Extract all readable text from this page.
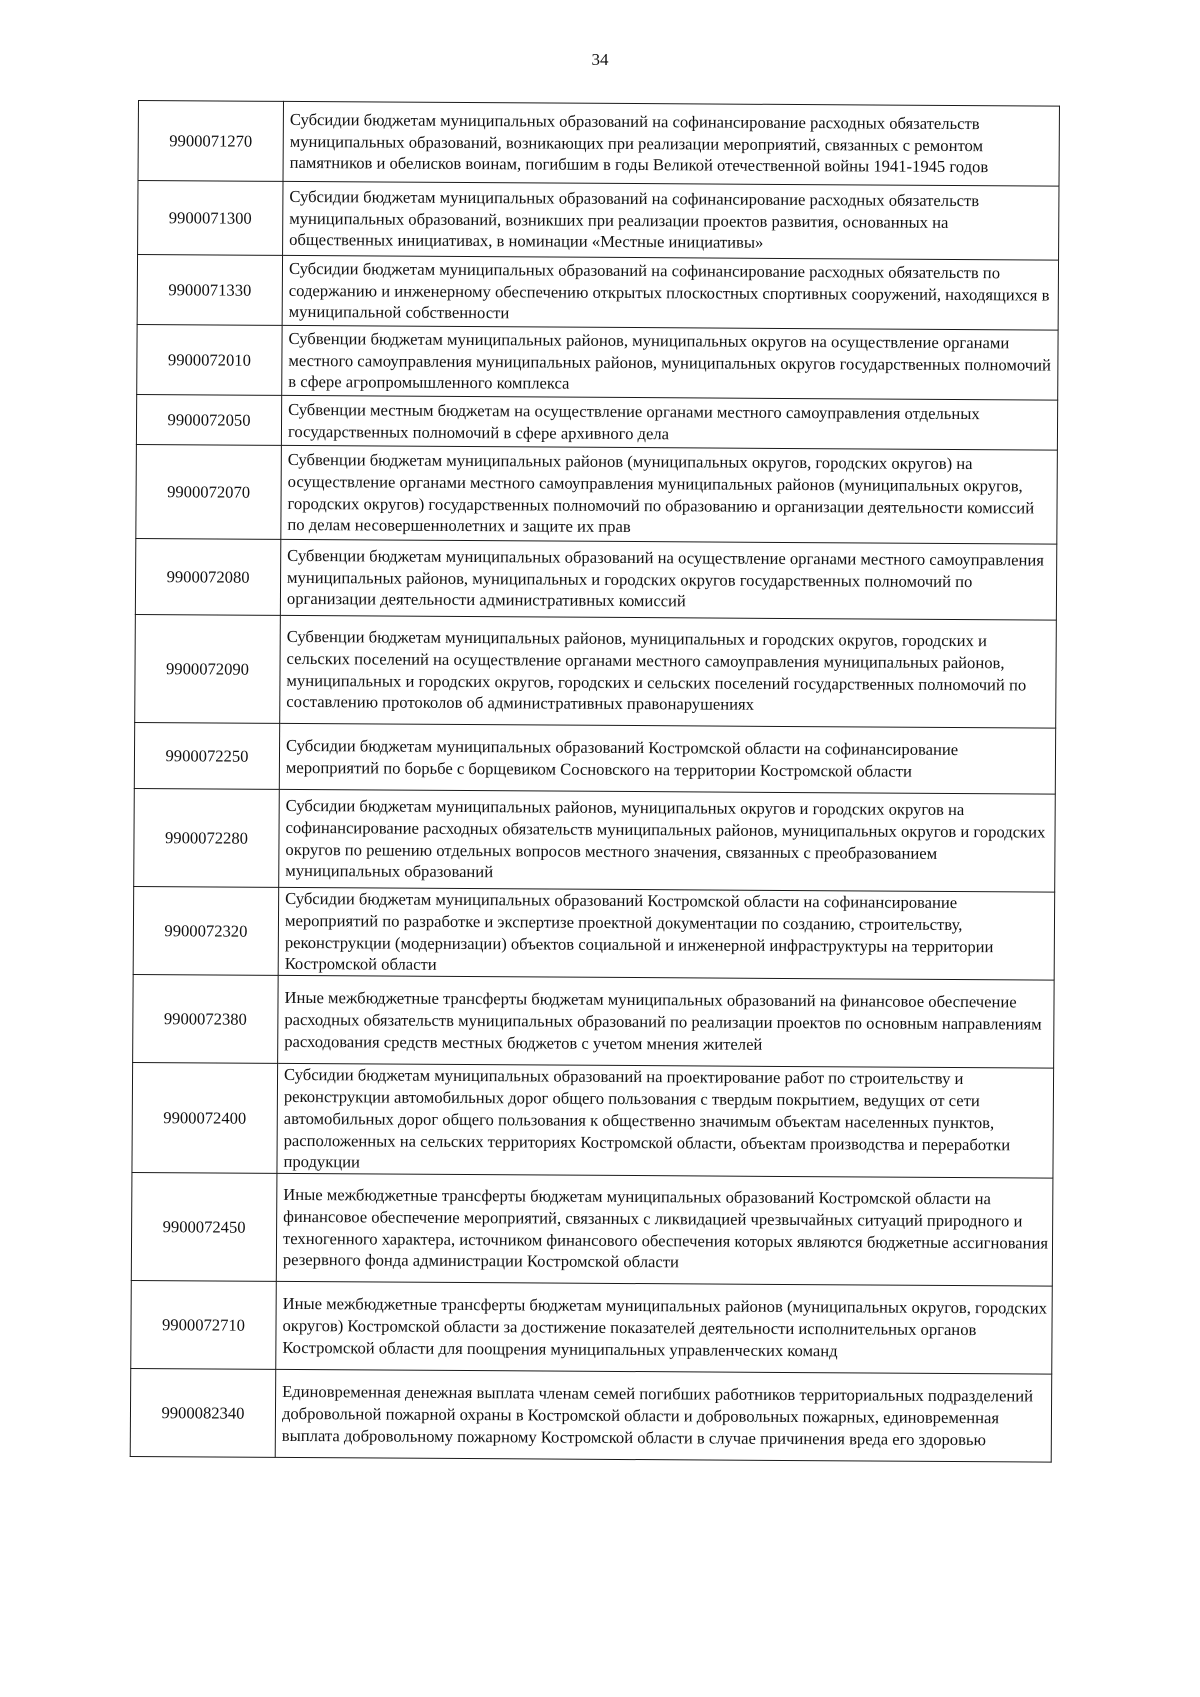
34
9900071270	Субсидии бюджетам муниципальных образований на софинансирование расходных обязательств муниципальных образований, возникающих при реализации мероприятий, связанных с ремонтом памятников и обелисков воинам, погибшим в годы Великой отечественной войны 1941-1945 годов
9900071300	Субсидии бюджетам муниципальных образований на софинансирование расходных обязательств муниципальных образований, возникших при реализации проектов развития, основанных на общественных инициативах, в номинации «Местные инициативы»
9900071330	Субсидии бюджетам муниципальных образований на софинансирование расходных обязательств по содержанию и инженерному обеспечению открытых плоскостных спортивных сооружений, находящихся в муниципальной собственности
9900072010	Субвенции бюджетам муниципальных районов, муниципальных округов на осуществление органами местного самоуправления муниципальных районов, муниципальных округов государственных полномочий в сфере агропромышленного комплекса
9900072050	Субвенции местным бюджетам на осуществление органами местного самоуправления отдельных государственных полномочий в сфере архивного дела
9900072070	Субвенции бюджетам муниципальных районов (муниципальных округов, городских округов) на осуществление органами местного самоуправления муниципальных районов (муниципальных округов, городских округов) государственных полномочий по образованию и организации деятельности комиссий по делам несовершеннолетних и защите их прав
9900072080	Субвенции бюджетам муниципальных образований на осуществление органами местного самоуправления муниципальных районов, муниципальных и городских округов государственных полномочий по организации деятельности административных комиссий
9900072090	Субвенции бюджетам муниципальных районов, муниципальных и городских округов, городских и сельских поселений на осуществление органами местного самоуправления муниципальных районов, муниципальных и городских округов, городских и сельских поселений государственных полномочий по составлению протоколов об административных правонарушениях
9900072250	Субсидии бюджетам муниципальных образований Костромской области на софинансирование мероприятий по борьбе с борщевиком Сосновского на территории Костромской области
9900072280	Субсидии бюджетам муниципальных районов, муниципальных округов и городских округов на софинансирование расходных обязательств муниципальных районов, муниципальных округов и городских округов по решению отдельных вопросов местного значения, связанных с преобразованием муниципальных образований
9900072320	Субсидии бюджетам муниципальных образований Костромской области на софинансирование мероприятий по разработке и экспертизе проектной документации по созданию, строительству, реконструкции (модернизации) объектов социальной и инженерной инфраструктуры на территории Костромской области
9900072380	Иные межбюджетные трансферты бюджетам муниципальных образований на финансовое обеспечение расходных обязательств муниципальных образований по реализации проектов по основным направлениям расходования средств местных бюджетов с учетом мнения жителей
9900072400	Субсидии бюджетам муниципальных образований на проектирование работ по строительству и реконструкции автомобильных дорог общего пользования с твердым покрытием, ведущих от сети автомобильных дорог общего пользования к общественно значимым объектам населенных пунктов, расположенных на сельских территориях Костромской области, объектам производства и переработки продукции
9900072450	Иные межбюджетные трансферты бюджетам муниципальных образований Костромской области на финансовое обеспечение мероприятий, связанных с ликвидацией чрезвычайных ситуаций природного и техногенного характера, источником финансового обеспечения которых являются бюджетные ассигнования резервного фонда администрации Костромской области
9900072710	Иные межбюджетные трансферты бюджетам муниципальных районов (муниципальных округов, городских округов) Костромской области за достижение показателей деятельности исполнительных органов Костромской области для поощрения муниципальных управленческих команд
9900082340	Единовременная денежная выплата членам семей погибших работников территориальных подразделений добровольной пожарной охраны в Костромской области и добровольных пожарных, единовременная выплата добровольному пожарному Костромской области в случае причинения вреда его здоровью
